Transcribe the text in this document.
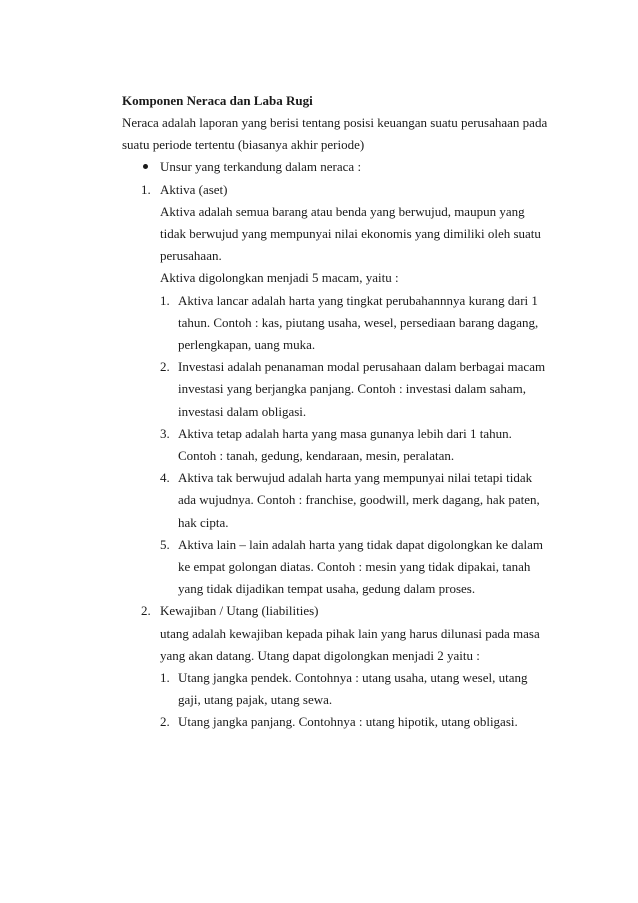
Komponen Neraca dan Laba Rugi
Neraca adalah laporan yang berisi tentang posisi keuangan suatu perusahaan pada
suatu periode tertentu (biasanya akhir periode)
Unsur yang terkandung dalam neraca :
1. Aktiva (aset)
Aktiva adalah semua barang atau benda yang berwujud, maupun yang
tidak berwujud yang mempunyai nilai ekonomis yang dimiliki oleh suatu
perusahaan.
Aktiva digolongkan menjadi 5 macam, yaitu :
1. Aktiva lancar adalah harta yang tingkat perubahannnya kurang dari 1
tahun. Contoh : kas, piutang usaha, wesel, persediaan barang dagang,
perlengkapan, uang muka.
2. Investasi adalah penanaman modal perusahaan dalam berbagai macam
investasi yang berjangka panjang. Contoh : investasi dalam saham,
investasi dalam obligasi.
3. Aktiva tetap adalah harta yang masa gunanya lebih dari 1 tahun.
Contoh : tanah, gedung, kendaraan, mesin, peralatan.
4. Aktiva tak berwujud adalah harta yang mempunyai nilai tetapi tidak
ada wujudnya. Contoh : franchise, goodwill, merk dagang, hak paten,
hak cipta.
5. Aktiva lain – lain adalah harta yang tidak dapat digolongkan ke dalam
ke empat golongan diatas. Contoh : mesin yang tidak dipakai, tanah
yang tidak dijadikan tempat usaha, gedung dalam proses.
2. Kewajiban / Utang (liabilities)
utang adalah kewajiban kepada pihak lain yang harus dilunasi pada masa
yang akan datang. Utang dapat digolongkan menjadi 2 yaitu :
1. Utang jangka pendek. Contohnya : utang usaha, utang wesel, utang
gaji, utang pajak, utang sewa.
2. Utang jangka panjang. Contohnya : utang hipotik, utang obligasi.
